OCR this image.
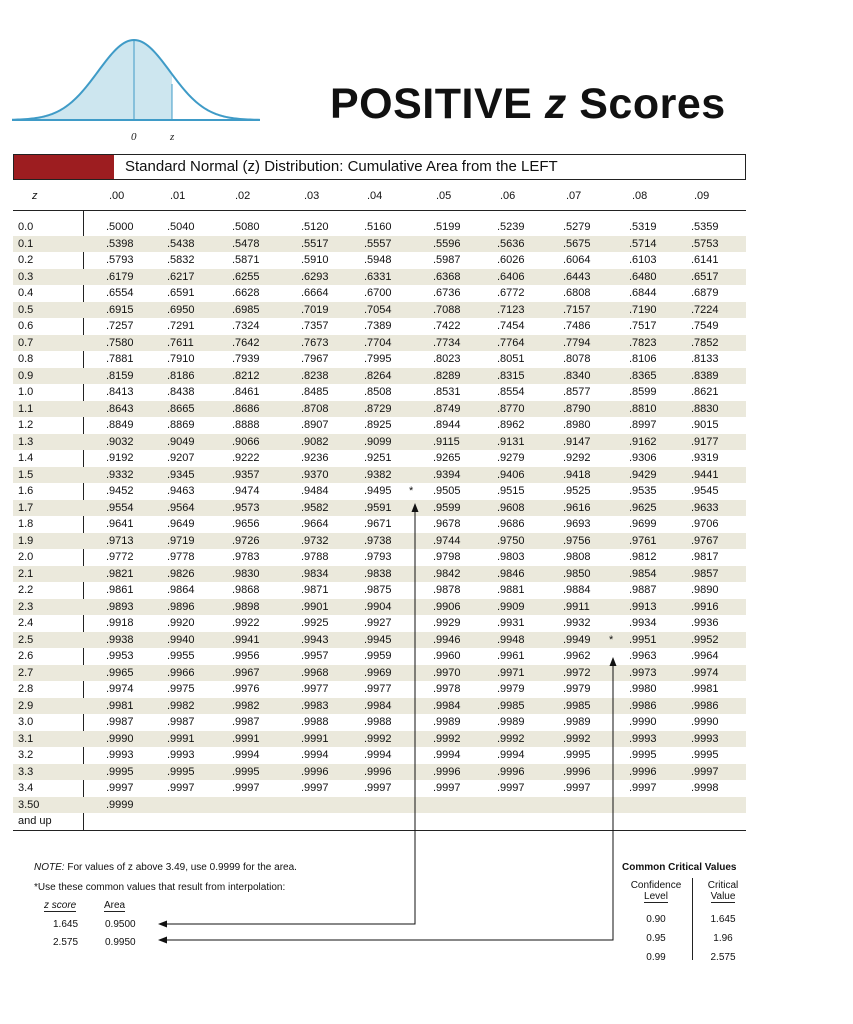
0	z
POSITIVE z Scores
Standard Normal (z) Distribution: Cumulative Area from the LEFT
z	.00	.01	.02	.03	.04	.05	.06	.07	.08	.09
0.0	.5000	.5040	.5080	.5120	.5160	.5199	.5239	.5279	.5319	.5359
0.1	.5398	.5438	.5478	.5517	.5557	.5596	.5636	.5675	.5714	.5753
0.2	.5793	.5832	.5871	.5910	.5948	.5987	.6026	.6064	.6103	.6141
0.3	.6179	.6217	.6255	.6293	.6331	.6368	.6406	.6443	.6480	.6517
0.4	.6554	.6591	.6628	.6664	.6700	.6736	.6772	.6808	.6844	.6879
0.5	.6915	.6950	.6985	.7019	.7054	.7088	.7123	.7157	.7190	.7224
0.6	.7257	.7291	.7324	.7357	.7389	.7422	.7454	.7486	.7517	.7549
0.7	.7580	.7611	.7642	.7673	.7704	.7734	.7764	.7794	.7823	.7852
0.8	.7881	.7910	.7939	.7967	.7995	.8023	.8051	.8078	.8106	.8133
0.9	.8159	.8186	.8212	.8238	.8264	.8289	.8315	.8340	.8365	.8389
1.0	.8413	.8438	.8461	.8485	.8508	.8531	.8554	.8577	.8599	.8621
1.1	.8643	.8665	.8686	.8708	.8729	.8749	.8770	.8790	.8810	.8830
1.2	.8849	.8869	.8888	.8907	.8925	.8944	.8962	.8980	.8997	.9015
1.3	.9032	.9049	.9066	.9082	.9099	.9115	.9131	.9147	.9162	.9177
1.4	.9192	.9207	.9222	.9236	.9251	.9265	.9279	.9292	.9306	.9319
1.5	.9332	.9345	.9357	.9370	.9382	.9394	.9406	.9418	.9429	.9441
1.6	.9452	.9463	.9474	.9484	.9495	.9505	.9515	.9525	.9535	.9545
*
1.7	.9554	.9564	.9573	.9582	.9591	.9599	.9608	.9616	.9625	.9633
1.8	.9641	.9649	.9656	.9664	.9671	.9678	.9686	.9693	.9699	.9706
1.9	.9713	.9719	.9726	.9732	.9738	.9744	.9750	.9756	.9761	.9767
2.0	.9772	.9778	.9783	.9788	.9793	.9798	.9803	.9808	.9812	.9817
2.1	.9821	.9826	.9830	.9834	.9838	.9842	.9846	.9850	.9854	.9857
2.2	.9861	.9864	.9868	.9871	.9875	.9878	.9881	.9884	.9887	.9890
2.3	.9893	.9896	.9898	.9901	.9904	.9906	.9909	.9911	.9913	.9916
2.4	.9918	.9920	.9922	.9925	.9927	.9929	.9931	.9932	.9934	.9936
2.5	.9938	.9940	.9941	.9943	.9945	.9946	.9948	.9949	.9951	.9952
*
2.6	.9953	.9955	.9956	.9957	.9959	.9960	.9961	.9962	.9963	.9964
2.7	.9965	.9966	.9967	.9968	.9969	.9970	.9971	.9972	.9973	.9974
2.8	.9974	.9975	.9976	.9977	.9977	.9978	.9979	.9979	.9980	.9981
2.9	.9981	.9982	.9982	.9983	.9984	.9984	.9985	.9985	.9986	.9986
3.0	.9987	.9987	.9987	.9988	.9988	.9989	.9989	.9989	.9990	.9990
3.1	.9990	.9991	.9991	.9991	.9992	.9992	.9992	.9992	.9993	.9993
3.2	.9993	.9993	.9994	.9994	.9994	.9994	.9994	.9995	.9995	.9995
3.3	.9995	.9995	.9995	.9996	.9996	.9996	.9996	.9996	.9996	.9997
3.4	.9997	.9997	.9997	.9997	.9997	.9997	.9997	.9997	.9997	.9998
3.50	.9999
and up
NOTE: For values of z above 3.49, use 0.9999 for the area.
*Use these common values that result from interpolation:
z score	Area
1.645	0.9500
2.575	0.9950
Common Critical Values
Confidence
Level
Critical
Value
0.90	1.645
0.95	1.96
0.99	2.575
